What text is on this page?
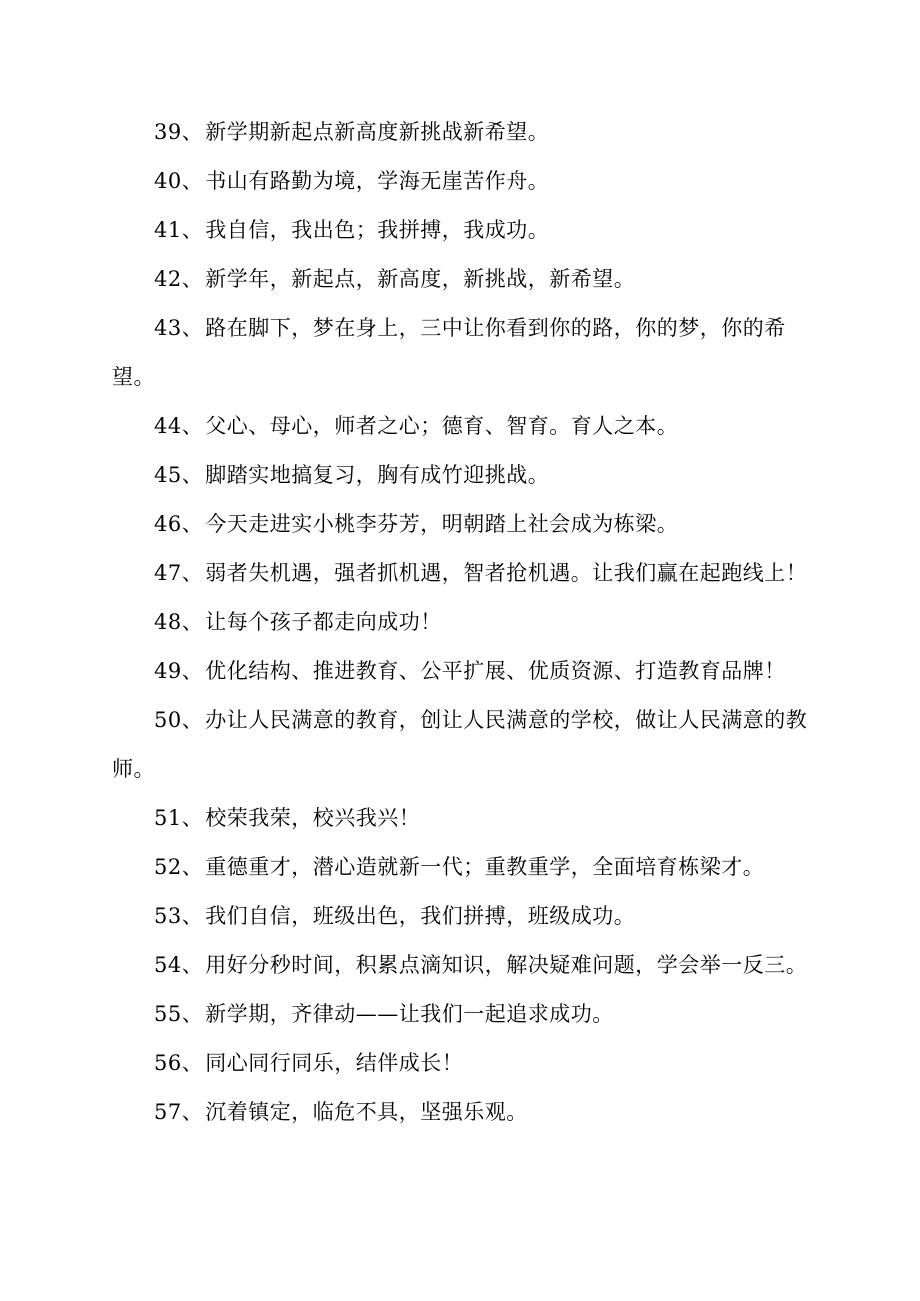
39、新学期新起点新高度新挑战新希望。

40、书山有路勤为境，学海无崖苦作舟。

41、我自信，我出色；我拼搏，我成功。

42、新学年，新起点，新高度，新挑战，新希望。

43、路在脚下，梦在身上，三中让你看到你的路，你的梦，你的希望。

44、父心、母心，师者之心；德育、智育。育人之本。

45、脚踏实地搞复习，胸有成竹迎挑战。

46、今天走进实小桃李芬芳，明朝踏上社会成为栋梁。

47、弱者失机遇，强者抓机遇，智者抢机遇。让我们赢在起跑线上！

48、让每个孩子都走向成功！

49、优化结构、推进教育、公平扩展、优质资源、打造教育品牌！

50、办让人民满意的教育，创让人民满意的学校，做让人民满意的教师。

51、校荣我荣，校兴我兴！

52、重德重才，潜心造就新一代；重教重学，全面培育栋梁才。

53、我们自信，班级出色，我们拼搏，班级成功。

54、用好分秒时间，积累点滴知识，解决疑难问题，学会举一反三。

55、新学期，齐律动——让我们一起追求成功。

56、同心同行同乐，结伴成长！

57、沉着镇定，临危不具，坚强乐观。
